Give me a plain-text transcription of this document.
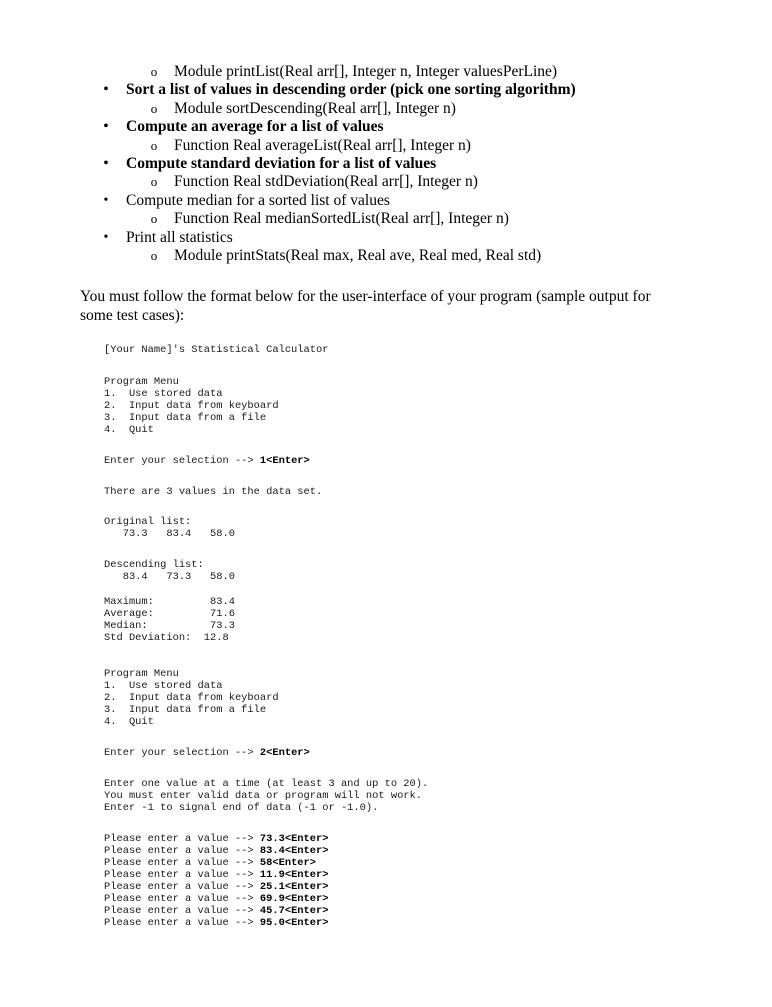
o	Module printList(Real arr[], Integer n, Integer valuesPerLine)
•	Sort a list of values in descending order (pick one sorting algorithm)
o	Module sortDescending(Real arr[], Integer n)
•	Compute an average for a list of values
o	Function Real averageList(Real arr[], Integer n)
•	Compute standard deviation for a list of values
o	Function Real stdDeviation(Real arr[], Integer n)
•	Compute median for a sorted list of values
o	Function Real medianSortedList(Real arr[], Integer n)
•	Print all statistics
o	Module printStats(Real max, Real ave, Real med, Real std)
You must follow the format below for the user-interface of your program (sample output for
some test cases):

[Your Name]'s Statistical Calculator

Program Menu

1.  Use stored data

2.  Input data from keyboard

3.  Input data from a file

4.  Quit

Enter your selection --> 1<Enter>

There are 3 values in the data set.

Original list:

73.3   83.4   58.0

Descending list:

83.4   73.3   58.0

Maximum:         83.4

Average:         71.6

Median:          73.3

Std Deviation:  12.8

Program Menu

1.  Use stored data

2.  Input data from keyboard

3.  Input data from a file

4.  Quit

Enter your selection --> 2<Enter>

Enter one value at a time (at least 3 and up to 20).

You must enter valid data or program will not work.

Enter -1 to signal end of data (-1 or -1.0).

Please enter a value --> 73.3<Enter>

Please enter a value --> 83.4<Enter>

Please enter a value --> 58<Enter>

Please enter a value --> 11.9<Enter>

Please enter a value --> 25.1<Enter>

Please enter a value --> 69.9<Enter>

Please enter a value --> 45.7<Enter>

Please enter a value --> 95.0<Enter>
